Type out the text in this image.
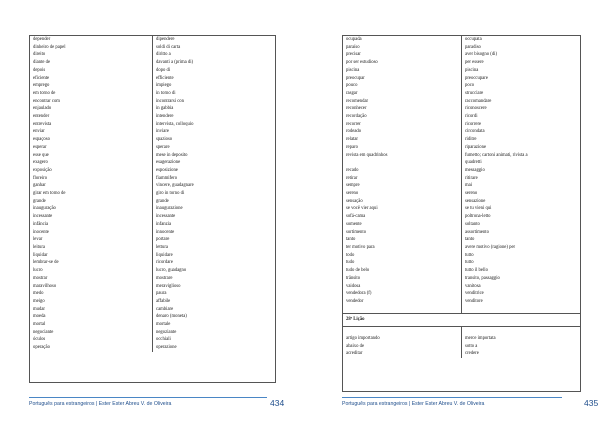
depender	dipendere
dinheiro de papel	soldi di carta
direito	diritto a
diante de	davanti a (prima di)
depois	dopo di
eficiente	efficiente
emprego	impiego
em torno de	in torno di
encontrar com	incontrarsi con
enjaulado	in gabbia
entender	intendere
entrevista	intervista, colloquio
enviar	inviare
espaçoso	spazioso
esperar	sperare
esse que	mese in deposito
exagero	esagerazione
exposição	esposizione
floreiro	fiammifero
ganhar	vincere, guadagnare
girar em torno de	giro in torno di
grande	grande
inauguração	inaugurazione
incessante	incessante
infância	infanzia
inocente	innocente
levar	portare
leitura	lettura
liquidar	liquidare
lembrar-se de	ricordare
lucro	lucro, guadagno
mostrar	mostrare
maravilhoso	meraviglioso
medo	paura
meigo	affabile
mudar	cambiare
moeda	denaro (moneta)
mortal	mortale
negociante	negoziante
óculos	occhiali
operação	operazione
Português para estrangeiros | Ester Ester Abreu V. de Oliveira	434	Português para estrangeiros | Ester Ester Abreu V. de Oliveira	435
ocupada	occupata
paraíso	paradiso
precisar	aver bisogno (di)
por ser estudioso	per essere
piscina	piscina
preocupar	preoccupare
pouco	poco
rasgar	strucciare
recomendar	raccomandare
reconhecer	riconoscere
recordação	ricordi
recorrer	ricorrere
rodeado	circondata
relatar	riditre
reparo	riparazione
revista em quadrinhos	fumetto; cartoni animati, rivista a
	quadretti
recado	messaggio
retirar	ritirare
sempre	mai
sereno	sereno
sensação	sensazione
se você vier aqui	se tu vieni qui
sofá-cama	poltrona-letto
somente	soltanto
sortimento	assortimento
tanto	tanto
ter motivo para	avere motivo (ragione) per
todo	tutto
tudo	tutto
tudo de belo	tutto il bello
trânsito	transito, passaggio
vaidosa	vanitosa
vendedora (f)	venditrice
vendedor	venditore

28ª Lição	

artigo importando	merce importata
abaixo de	sotto a
acreditar	credere
